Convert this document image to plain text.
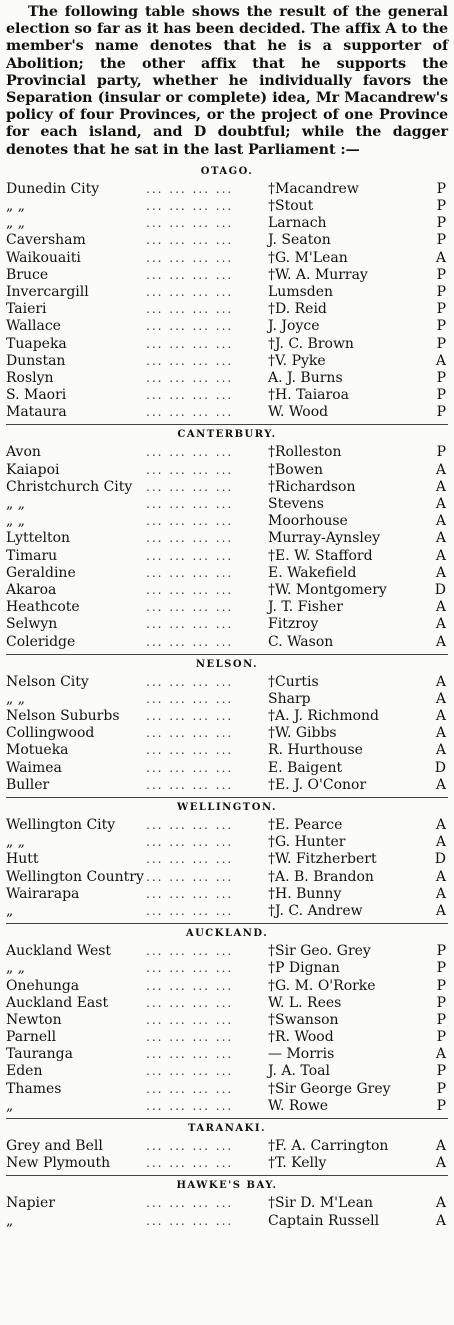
The following table shows the result of the general election so far as it has been decided. The affix A to the member's name denotes that he is a supporter of Abolition; the other affix that he supports the Provincial party, whether he individually favors the Separation (insular or complete) idea, Mr Macandrew's policy of four Provinces, or the project of one Province for each island, and D doubtful; while the dagger denotes that he sat in the last Parliament :—

OTAGO.
Dunedin City	... ... ... ... †Macandrew	P
„ „	... ... ... ... †Stout	P
„ „	... ... ... ... Larnach	P
Caversham	... ... ... ... J. Seaton	P
Waikouaiti	... ... ... ... †G. M'Lean	A
Bruce	... ... ... ... †W. A. Murray	P
Invercargill	... ... ... ... Lumsden	P
Taieri	... ... ... ... †D. Reid	P
Wallace	... ... ... ... J. Joyce	P
Tuapeka	... ... ... ... †J. C. Brown	P
Dunstan	... ... ... ... †V. Pyke	A
Roslyn	... ... ... ... A. J. Burns	P
S. Maori	... ... ... ... †H. Taiaroa	P
Mataura	... ... ... ... W. Wood	P
CANTERBURY.
Avon	... ... ... ... †Rolleston	P
Kaiapoi	... ... ... ... †Bowen	A
Christchurch City ... ... ... ... †Richardson	A
„ „	... ... ... ... Stevens	A
„ „	... ... ... ... Moorhouse	A
Lyttelton	... ... ... ... Murray-Aynsley	A
Timaru	... ... ... ... †E. W. Stafford	A
Geraldine	... ... ... ... E. Wakefield	A
Akaroa	... ... ... ... †W. Montgomery	D
Heathcote	... ... ... ... J. T. Fisher	A
Selwyn	... ... ... ... Fitzroy	A
Coleridge	... ... ... ... C. Wason	A
NELSON.
Nelson City	... ... ... ... †Curtis	A
„ „	... ... ... ... Sharp	A
Nelson Suburbs ... ... ... ... †A. J. Richmond	A
Collingwood	... ... ... ... †W. Gibbs	A
Motueka	... ... ... ... R. Hurthouse	A
Waimea	... ... ... ... E. Baigent	D
Buller	... ... ... ... †E. J. O'Conor	A
WELLINGTON.
Wellington City	... ... ... ... †E. Pearce	A
„ „	... ... ... ... †G. Hunter	A
Hutt	... ... ... ... †W. Fitzherbert	D
Wellington Country ... ... ... ... †A. B. Brandon	A
Wairarapa	... ... ... ... †H. Bunny	A
„	... ... ... ... †J. C. Andrew	A
AUCKLAND.
Auckland West	... ... ... ... †Sir Geo. Grey	P
„ „	... ... ... ... †P Dignan	P
Onehunga	... ... ... ... †G. M. O'Rorke	P
Auckland East	... ... ... ... W. L. Rees	P
Newton	... ... ... ... †Swanson	P
Parnell	... ... ... ... †R. Wood	P
Tauranga	... ... ... ... — Morris	A
Eden	... ... ... ... J. A. Toal	P
Thames	... ... ... ... †Sir George Grey	P
„	... ... ... ... W. Rowe	P
TARANAKI.
Grey and Bell	... ... ... ... †F. A. Carrington	A
New Plymouth	... ... ... ... †T. Kelly	A
HAWKE'S BAY.
Napier	... ... ... ... †Sir D. M'Lean	A
„	... ... ... ... Captain Russell	A
